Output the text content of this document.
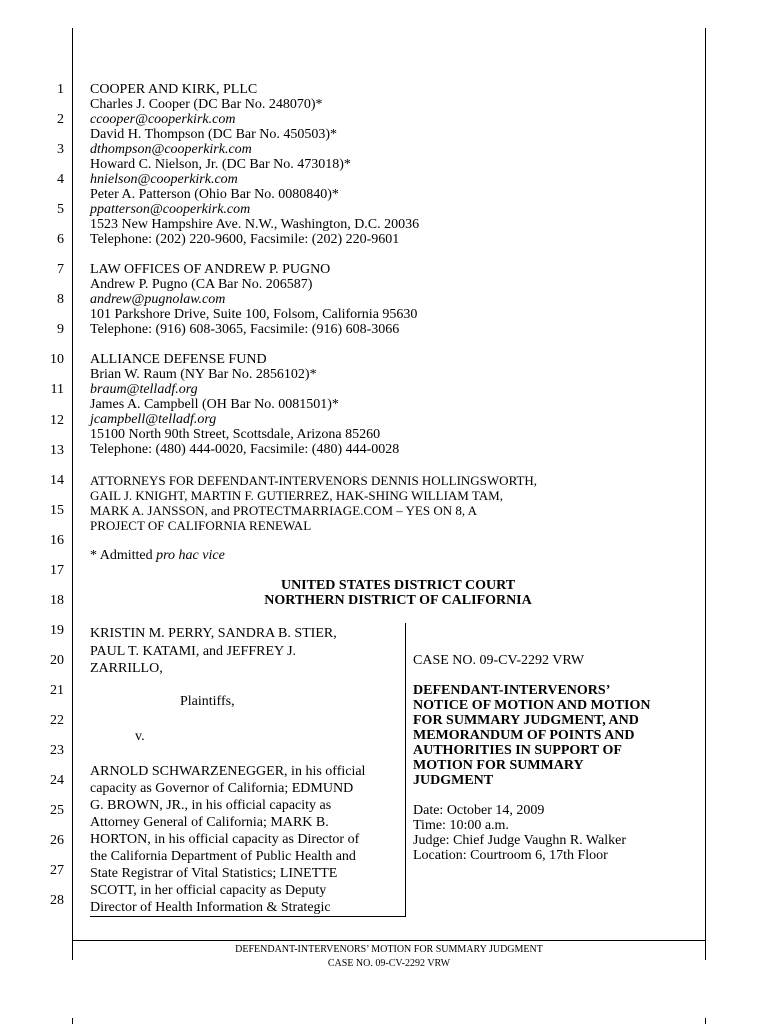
1
2
3
4
5
6
7
8
9
10
11
12
13
14
15
16
17
18
19
20
21
22
23
24
25
26
27
28
COOPER AND KIRK, PLLC
Charles J. Cooper (DC Bar No. 248070)*
ccooper@cooperkirk.com
David H. Thompson (DC Bar No. 450503)*
dthompson@cooperkirk.com
Howard C. Nielson, Jr. (DC Bar No. 473018)*
hnielson@cooperkirk.com
Peter A. Patterson (Ohio Bar No. 0080840)*
ppatterson@cooperkirk.com
1523 New Hampshire Ave. N.W., Washington, D.C. 20036
Telephone: (202) 220-9600, Facsimile: (202) 220-9601
LAW OFFICES OF ANDREW P. PUGNO
Andrew P. Pugno (CA Bar No. 206587)
andrew@pugnolaw.com
101 Parkshore Drive, Suite 100, Folsom, California 95630
Telephone: (916) 608-3065, Facsimile: (916) 608-3066
ALLIANCE DEFENSE FUND
Brian W. Raum (NY Bar No. 2856102)*
braum@telladf.org
James A. Campbell (OH Bar No. 0081501)*
jcampbell@telladf.org
15100 North 90th Street, Scottsdale, Arizona 85260
Telephone: (480) 444-0020, Facsimile: (480) 444-0028
ATTORNEYS FOR DEFENDANT-INTERVENORS DENNIS HOLLINGSWORTH,
GAIL J. KNIGHT, MARTIN F. GUTIERREZ, HAK-SHING WILLIAM TAM,
MARK A. JANSSON, and PROTECTMARRIAGE.COM – YES ON 8, A
PROJECT OF CALIFORNIA RENEWAL
* Admitted pro hac vice
UNITED STATES DISTRICT COURT
NORTHERN DISTRICT OF CALIFORNIA
KRISTIN M. PERRY, SANDRA B. STIER,
PAUL T. KATAMI, and JEFFREY J.
ZARRILLO,
Plaintiffs,
v.
ARNOLD SCHWARZENEGGER, in his official
capacity as Governor of California; EDMUND
G. BROWN, JR., in his official capacity as
Attorney General of California; MARK B.
HORTON, in his official capacity as Director of
the California Department of Public Health and
State Registrar of Vital Statistics; LINETTE
SCOTT, in her official capacity as Deputy
Director of Health Information & Strategic
CASE NO. 09-CV-2292 VRW
DEFENDANT-INTERVENORS’
NOTICE OF MOTION AND MOTION
FOR SUMMARY JUDGMENT, AND
MEMORANDUM OF POINTS AND
AUTHORITIES IN SUPPORT OF
MOTION FOR SUMMARY
JUDGMENT
Date: October 14, 2009
Time: 10:00 a.m.
Judge: Chief Judge Vaughn R. Walker
Location: Courtroom 6, 17th Floor
DEFENDANT-INTERVENORS’ MOTION FOR SUMMARY JUDGMENT
CASE NO. 09-CV-2292 VRW
